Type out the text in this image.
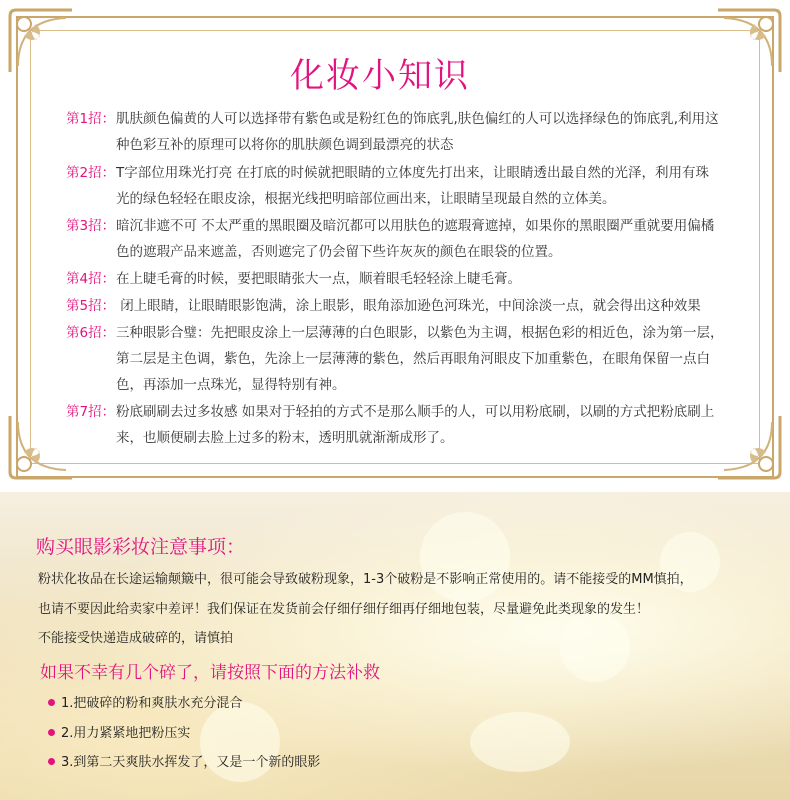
化妆小知识
第1招：肌肤颜色偏黄的人可以选择带有紫色或是粉红色的饰底乳,肤色偏红的人可以选择绿色的饰底乳,利用这
种色彩互补的原理可以将你的肌肤颜色调到最漂亮的状态
第2招：T字部位用珠光打亮 在打底的时候就把眼睛的立体度先打出来，让眼睛透出最自然的光泽，利用有珠
光的绿色轻轻在眼皮涂，根据光线把明暗部位画出来，让眼睛呈现最自然的立体美。
第3招：暗沉非遮不可 不太严重的黑眼圈及暗沉都可以用肤色的遮瑕膏遮掉，如果你的黑眼圈严重就要用偏橘
色的遮瑕产品来遮盖，否则遮完了仍会留下些许灰灰的颜色在眼袋的位置。
第4招：在上睫毛膏的时候，要把眼睛张大一点，顺着眼毛轻轻涂上睫毛膏。
第5招： 闭上眼睛，让眼睛眼影饱满，涂上眼影，眼角添加逊色河珠光，中间涂淡一点，就会得出这种效果
第6招：三种眼影合璧：先把眼皮涂上一层薄薄的白色眼影，以紫色为主调，根据色彩的相近色，涂为第一层，
第二层是主色调，紫色，先涂上一层薄薄的紫色，然后再眼角河眼皮下加重紫色，在眼角保留一点白
色，再添加一点珠光，显得特别有神。
第7招：粉底刷刷去过多妆感 如果对于轻拍的方式不是那么顺手的人，可以用粉底刷，以刷的方式把粉底刷上
来，也顺便刷去脸上过多的粉末，透明肌就渐渐成形了。
购买眼影彩妆注意事项：
粉状化妆品在长途运输颠簸中，很可能会导致破粉现象，1-3个破粉是不影响正常使用的。请不能接受的MM慎拍，
也请不要因此给卖家中差评！我们保证在发货前会仔细仔细仔细再仔细地包装，尽量避免此类现象的发生！
不能接受快递造成破碎的，请慎拍
如果不幸有几个碎了，请按照下面的方法补救
1.把破碎的粉和爽肤水充分混合
2.用力紧紧地把粉压实
3.到第二天爽肤水挥发了，又是一个新的眼影
